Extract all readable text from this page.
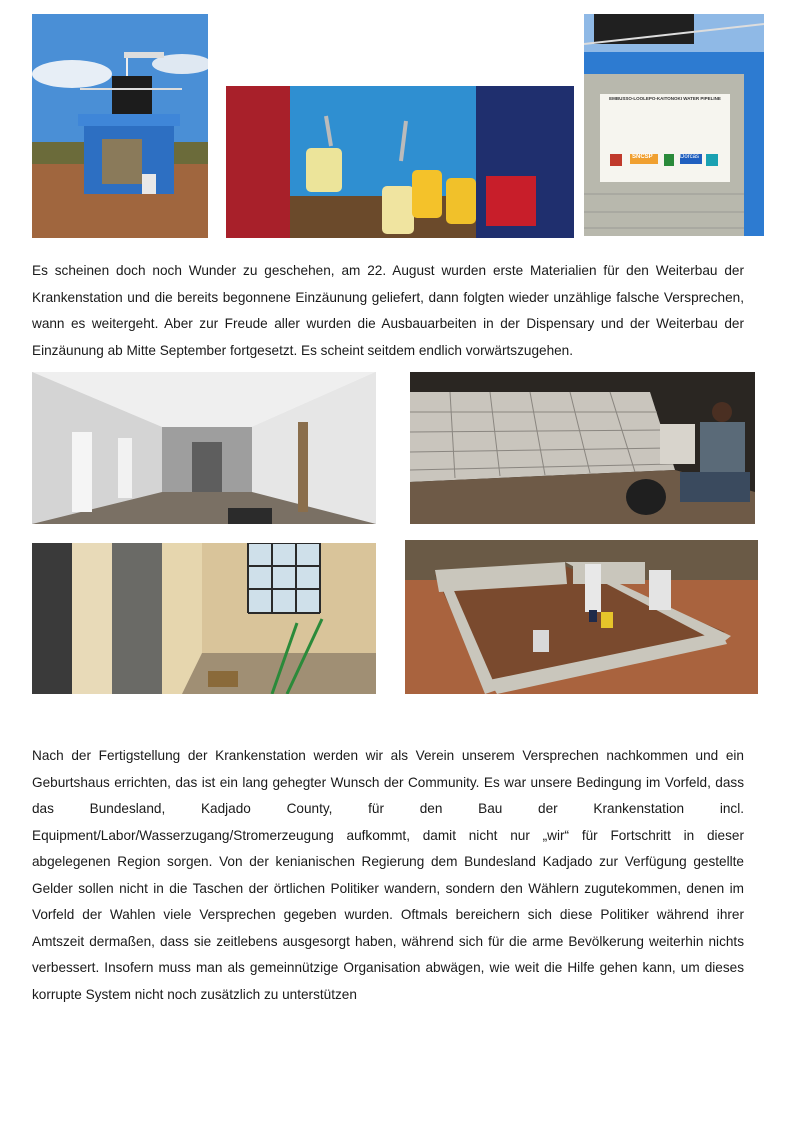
EMBUSSO-LOOLEPO-KAITONOKI WATER PIPELINE
SNCSP	Dorcas

Es scheinen doch noch Wunder zu geschehen, am 22. August wurden erste Materialien für den Weiterbau der Krankenstation und die bereits begonnene Einzäunung geliefert, dann folgten wieder unzählige falsche Versprechen, wann es weitergeht. Aber zur Freude aller wurden die Ausbauarbeiten in der Dispensary und der Weiterbau der Einzäunung ab Mitte September fortgesetzt. Es scheint seitdem endlich vorwärtszugehen.

Nach der Fertigstellung der Krankenstation werden wir als Verein unserem Versprechen nachkommen und ein Geburtshaus errichten, das ist ein lang gehegter Wunsch der Community. Es war unsere Bedingung im Vorfeld, dass das Bundesland, Kadjado County, für den Bau der Krankenstation incl. Equipment/Labor/Wasserzugang/Stromerzeugung aufkommt, damit nicht nur „wir“ für Fortschritt in dieser abgelegenen Region sorgen. Von der kenianischen Regierung dem Bundesland Kadjado zur Verfügung gestellte Gelder sollen nicht in die Taschen der örtlichen Politiker wandern, sondern den Wählern zugutekommen, denen im Vorfeld der Wahlen viele Versprechen gegeben wurden. Oftmals bereichern sich diese Politiker während ihrer Amtszeit dermaßen, dass sie zeitlebens ausgesorgt haben, während sich für die arme Bevölkerung weiterhin nichts verbessert. Insofern muss man als gemeinnützige Organisation abwägen, wie weit die Hilfe gehen kann, um dieses korrupte System nicht noch zusätzlich zu unterstützen
